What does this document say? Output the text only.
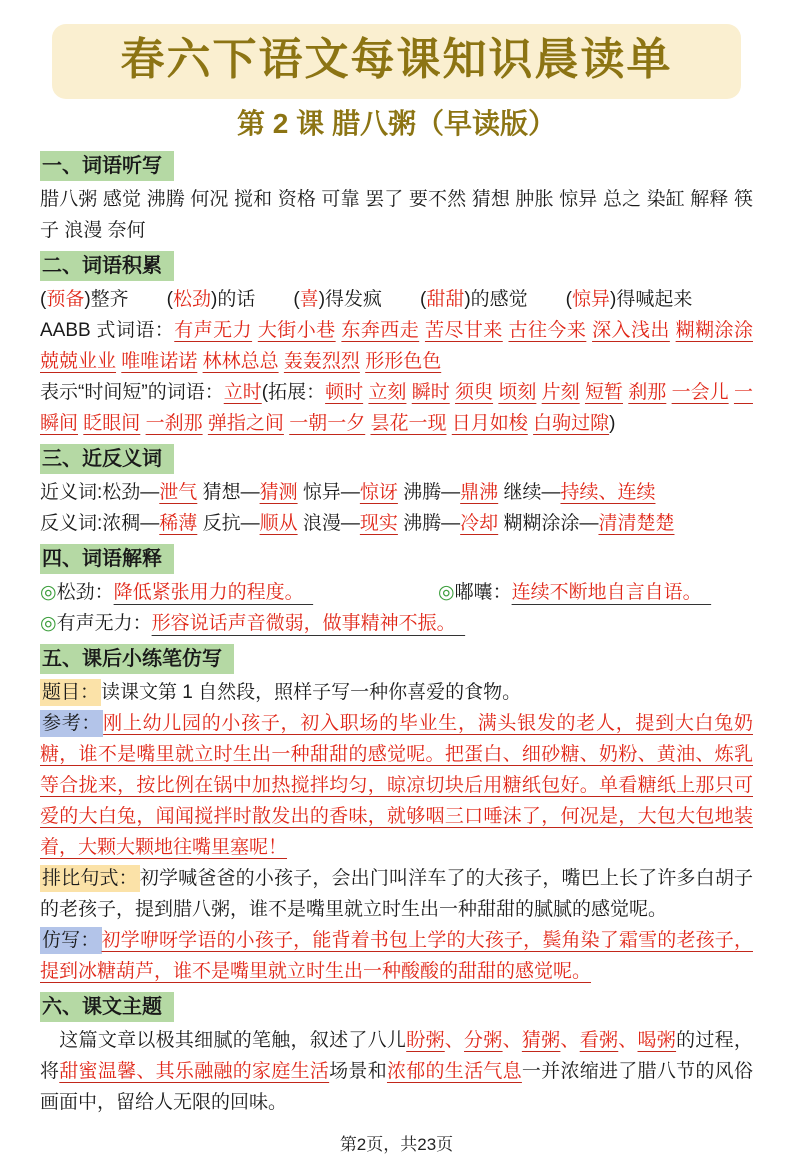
春六下语文每课知识晨读单
第 2 课 腊八粥（早读版）
一、词语听写
腊八粥 感觉 沸腾 何况 搅和 资格 可靠 罢了 要不然 猜想 肿胀 惊异 总之 染缸 解释 筷子 浪漫 奈何
二、词语积累
(预备)整齐　　(松劲)的话　　(喜)得发疯　　(甜甜)的感觉　　(惊异)得喊起来
AABB 式词语：有声无力 大街小巷 东奔西走 苦尽甘来 古往今来 深入浅出 糊糊涂涂 兢兢业业 唯唯诺诺 林林总总 轰轰烈烈 形形色色
表示“时间短”的词语：立时(拓展：顿时 立刻 瞬时 须臾 顷刻 片刻 短暂 刹那 一会儿 一瞬间 眨眼间 一刹那 弹指之间 一朝一夕 昙花一现 日月如梭 白驹过隙)
三、近反义词
近义词:松劲—泄气 猜想—猜测 惊异—惊讶 沸腾—鼎沸 继续—持续、连续
反义词:浓稠—稀薄 反抗—顺从 浪漫—现实 沸腾—冷却 糊糊涂涂—清清楚楚
四、词语解释
◎松劲：降低紧张用力的程度。　	◎嘟囔：连续不断地自言自语。　
◎有声无力：形容说话声音微弱，做事精神不振。　
五、课后小练笔仿写
题目： 读课文第 1 自然段，照样子写一种你喜爱的食物。
参考： 刚上幼儿园的小孩子，初入职场的毕业生，满头银发的老人，提到大白兔奶糖，谁不是嘴里就立时生出一种甜甜的感觉呢。把蛋白、细砂糖、奶粉、黄油、炼乳等合拢来，按比例在锅中加热搅拌均匀，晾凉切块后用糖纸包好。单看糖纸上那只可爱的大白兔，闻闻搅拌时散发出的香味，就够咽三口唾沫了，何况是，大包大包地装着，大颗大颗地往嘴里塞呢！
排比句式： 初学喊爸爸的小孩子，会出门叫洋车了的大孩子，嘴巴上长了许多白胡子的老孩子，提到腊八粥，谁不是嘴里就立时生出一种甜甜的腻腻的感觉呢。
仿写： 初学咿呀学语的小孩子，能背着书包上学的大孩子，鬓角染了霜雪的老孩子，提到冰糖葫芦，谁不是嘴里就立时生出一种酸酸的甜甜的感觉呢。
六、课文主题
　这篇文章以极其细腻的笔触，叙述了八儿盼粥、分粥、猜粥、看粥、喝粥的过程，将甜蜜温馨、其乐融融的家庭生活场景和浓郁的生活气息一并浓缩进了腊八节的风俗画面中，留给人无限的回味。
第2页，共23页
